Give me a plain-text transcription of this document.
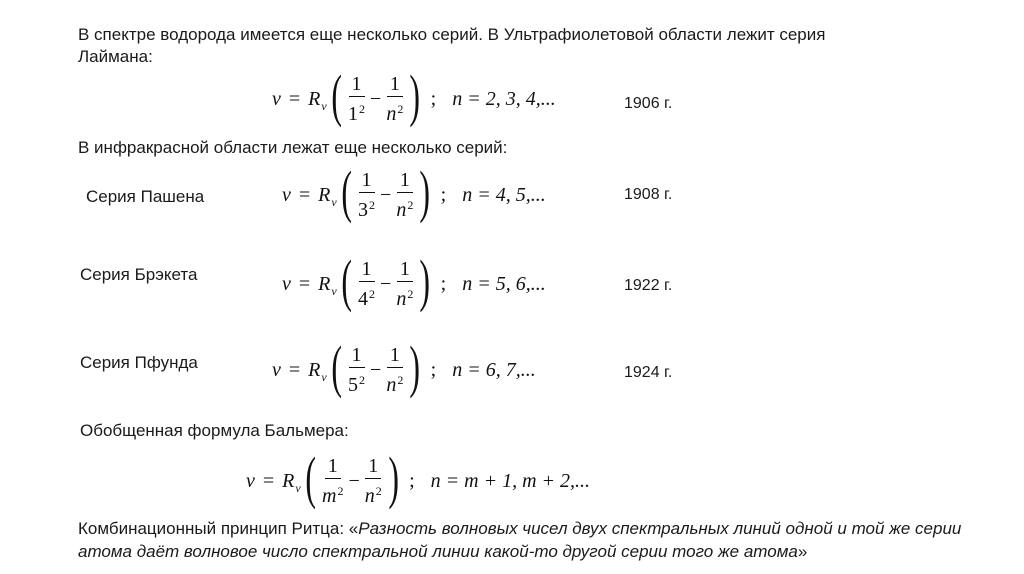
В спектре водорода имеется еще несколько серий. В Ультрафиолетовой области лежит серия
Лаймана:
ν = R ν ( $\frac{1}{1^2} - \frac{1}{n^2}$ ) ; n = 2, 3, 4,...	1906 г.
В инфракрасной области лежат еще несколько серий:
Серия Пашена	ν = R ν ( $\frac{1}{3^2} - \frac{1}{n^2}$ ) ; n = 4, 5,...	1908 г.
Серия Брэкета	ν = R ν ( $\frac{1}{4^2} - \frac{1}{n^2}$ ) ; n = 5, 6,...	1922 г.
Серия Пфунда	ν = R ν ( $\frac{1}{5^2} - \frac{1}{n^2}$ ) ; n = 6, 7,...	1924 г.
Обобщенная формула Бальмера:
ν = R ν ( $\frac{1}{m^2} - \frac{1}{n^2}$ ) ; n = m + 1, m + 2,...
Комбинационный принцип Ритца: «Разность волновых чисел двух спектральных линий одной и той же серии
атома даёт волновое число спектральной линии какой-то другой серии того же атома»
